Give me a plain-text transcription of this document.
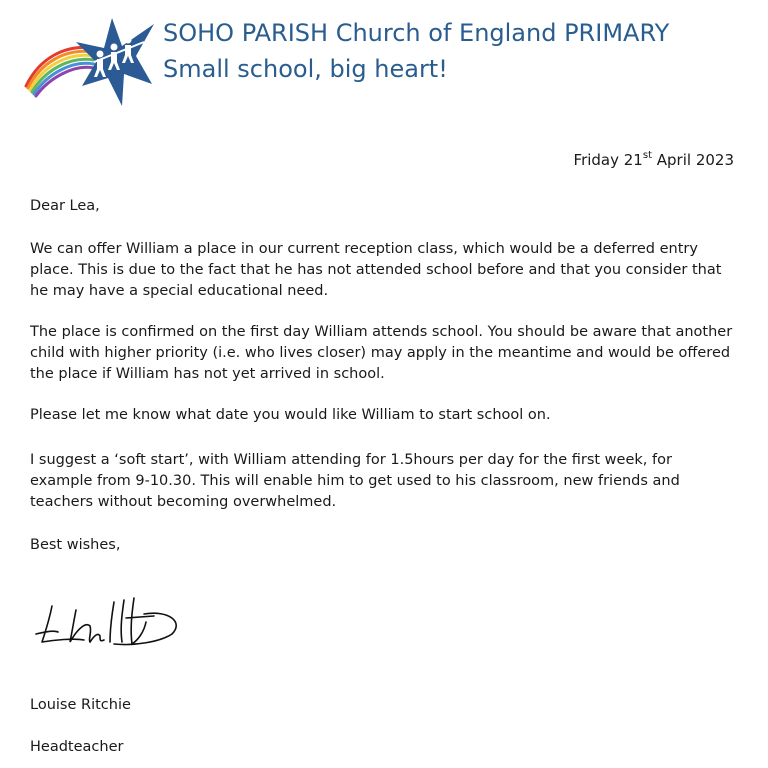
SOHO PARISH Church of England PRIMARY
Small school, big heart!
Friday 21st April 2023
Dear Lea,
We can offer William a place in our current reception class, which would be a deferred entry place. This is due to the fact that he has not attended school before and that you consider that he may have a special educational need.
The place is confirmed on the first day William attends school. You should be aware that another child with higher priority (i.e. who lives closer) may apply in the meantime and would be offered the place if William has not yet arrived in school.
Please let me know what date you would like William to start school on.
I suggest a ‘soft start’, with William attending for 1.5hours per day for the first week, for example from 9-10.30. This will enable him to get used to his classroom, new friends and teachers without becoming overwhelmed.
Best wishes,
Louise Ritchie
Headteacher
